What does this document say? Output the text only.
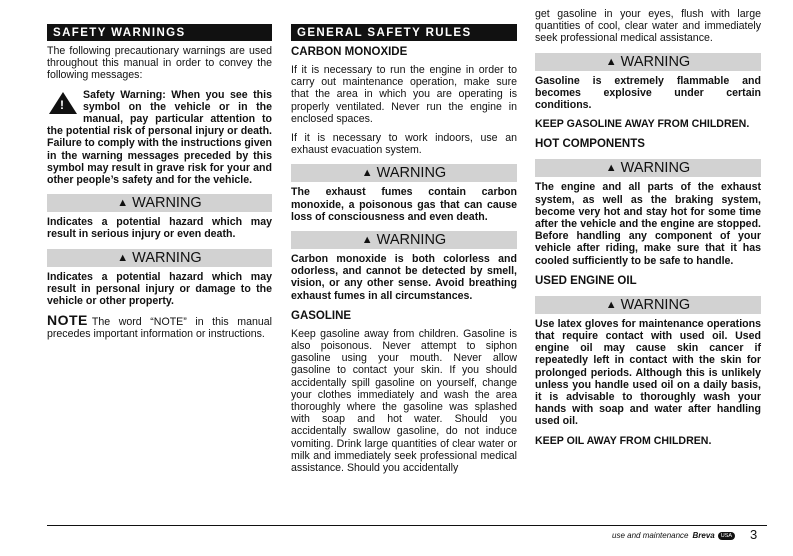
SAFETY WARNINGS

The following precautionary warnings are used throughout this manual in order to convey the following messages:

!

Safety Warning: When you see this symbol on the vehicle or in the manual, pay particular attention to the potential risk of personal injury or death. Failure to comply with the instructions given in the warning messages preceded by this symbol may result in grave risk for your and other people’s safety and for the vehicle.

▲ WARNING

Indicates a potential hazard which may result in serious injury or even death.

▲ WARNING

Indicates a potential hazard which may result in personal injury or damage to the vehicle or other property.

NOTE The word “NOTE” in this manual precedes important information or instructions.

GENERAL SAFETY RULES
CARBON MONOXIDE

If it is necessary to run the engine in order to carry out maintenance operation, make sure that the area in which you are operating is properly ventilated. Never run the engine in enclosed spaces.

If it is necessary to work indoors, use an exhaust evacuation system.

▲ WARNING

The exhaust fumes contain carbon monoxide, a poisonous gas that can cause loss of consciousness and even death.

▲ WARNING

Carbon monoxide is both colorless and odorless, and cannot be detected by smell, vision, or any other sense. Avoid breathing exhaust fumes in all circumstances.

GASOLINE

Keep gasoline away from children. Gasoline is also poisonous. Never attempt to siphon gasoline using your mouth. Never allow gasoline to contact your skin. If you should accidentally spill gasoline on yourself, change your clothes immediately and wash the area thoroughly where the gasoline was splashed with soap and hot water. Should you accidentally swallow gasoline, do not induce vomiting. Drink large quantities of clear water or milk and immediately seek professional medical assistance. Should you accidentally

get gasoline in your eyes, flush with large quantities of cool, clear water and immediately seek professional medical assistance.

▲ WARNING

Gasoline is extremely flammable and becomes explosive under certain conditions.

KEEP GASOLINE AWAY FROM CHILDREN.

HOT COMPONENTS
▲ WARNING

The engine and all parts of the exhaust system, as well as the braking system, become very hot and stay hot for some time after the vehicle and the engine are stopped. Before handling any component of your vehicle after riding, make sure that it has cooled sufficiently to be safe to handle.

USED ENGINE OIL
▲ WARNING

Use latex gloves for maintenance operations that require contact with used oil. Used engine oil may cause skin cancer if repeatedly left in contact with the skin for prolonged periods. Although this is unlikely unless you handle used oil on a daily basis, it is advisable to thoroughly wash your hands with soap and water after handling used oil.

KEEP OIL AWAY FROM CHILDREN.

use and maintenance Breva USA 3
